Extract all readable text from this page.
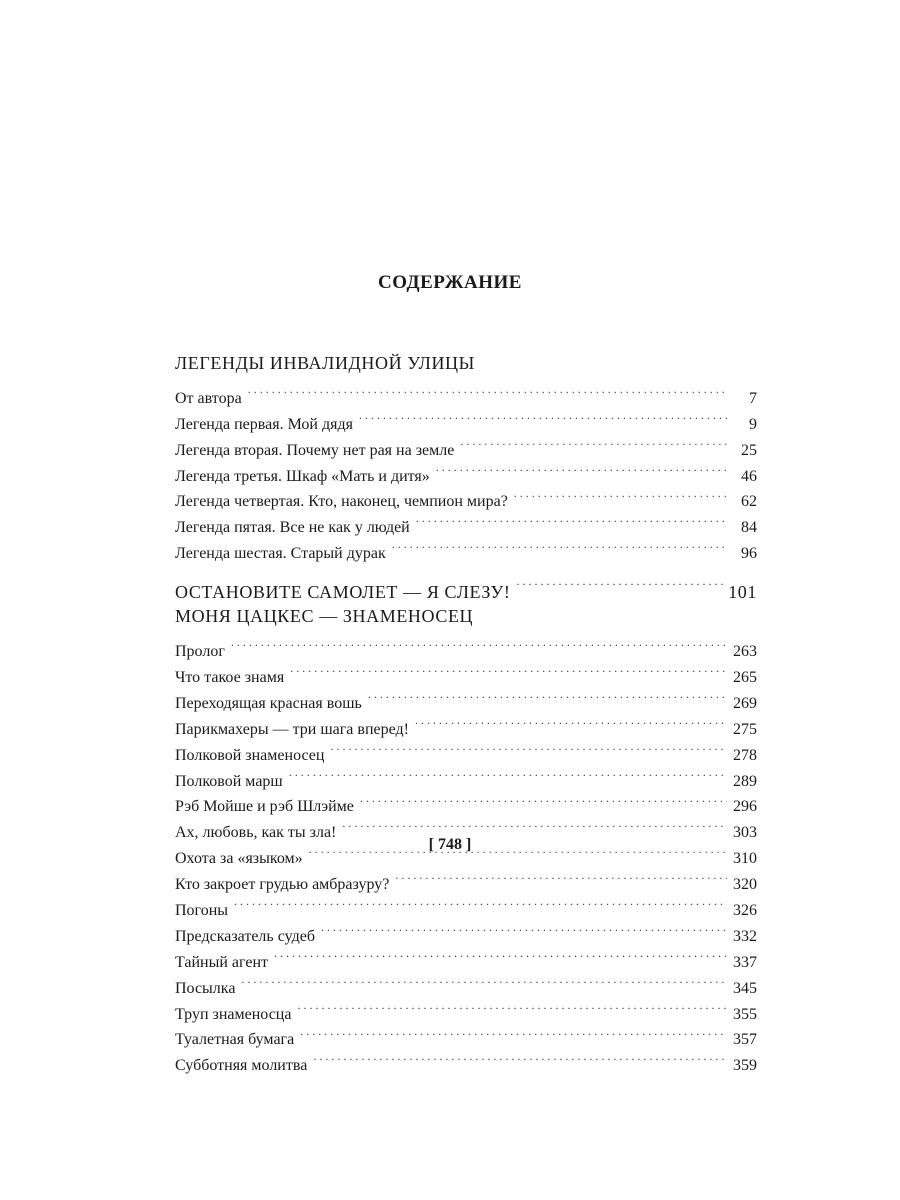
СОДЕРЖАНИЕ
ЛЕГЕНДЫ ИНВАЛИДНОЙ УЛИЦЫ
От автора . . .	7
Легенда первая. Мой дядя . . .	9
Легенда вторая. Почему нет рая на земле . . .	25
Легенда третья. Шкаф «Мать и дитя» . . .	46
Легенда четвертая. Кто, наконец, чемпион мира? . . .	62
Легенда пятая. Все не как у людей . . .	84
Легенда шестая. Старый дурак . . .	96
ОСТАНОВИТЕ САМОЛЕТ — Я СЛЕЗУ! . . .	101
МОНЯ ЦАЦКЕС — ЗНАМЕНОСЕЦ
Пролог . . .	263
Что такое знамя . . .	265
Переходящая красная вошь . . .	269
Парикмахеры — три шага вперед! . . .	275
Полковой знаменосец . . .	278
Полковой марш . . .	289
Рэб Мойше и рэб Шлэйме . . .	296
Ах, любовь, как ты зла! . . .	303
Охота за «языком» . . .	310
Кто закроет грудью амбразуру? . . .	320
Погоны . . .	326
Предсказатель судеб . . .	332
Тайный агент . . .	337
Посылка . . .	345
Труп знаменосца . . .	355
Туалетная бумага . . .	357
Субботняя молитва . . .	359
[ 748 ]
